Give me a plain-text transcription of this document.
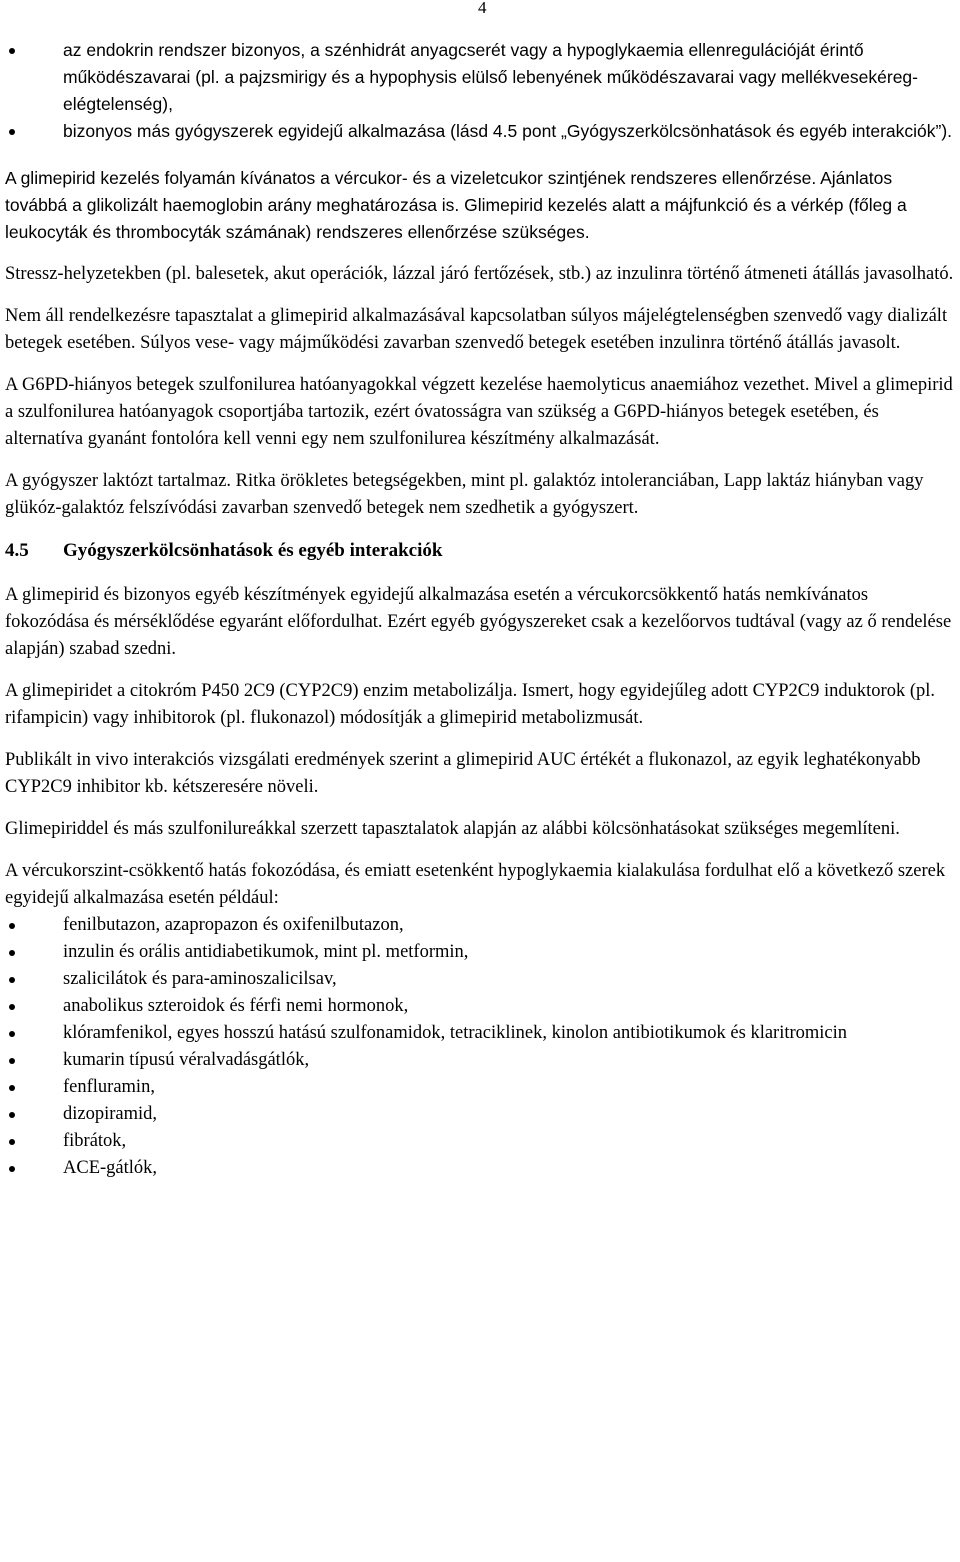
4
az endokrin rendszer bizonyos, a szénhidrát anyagcserét vagy a hypoglykaemia ellenregulációját érintő működészavarai (pl. a pajzsmirigy és a hypophysis elülső lebenyének működészavarai vagy mellékvesekéreg-elégtelenség),
bizonyos más gyógyszerek egyidejű alkalmazása (lásd 4.5 pont „Gyógyszerkölcsönhatások és egyéb interakciók”).

A glimepirid kezelés folyamán kívánatos a vércukor- és a vizeletcukor szintjének rendszeres ellenőrzése. Ajánlatos továbbá a glikolizált haemoglobin arány meghatározása is. Glimepirid kezelés alatt a májfunkció és a vérkép (főleg a leukocyták és thrombocyták számának) rendszeres ellenőrzése szükséges.

Stressz-helyzetekben (pl. balesetek, akut operációk, lázzal járó fertőzések, stb.) az inzulinra történő átmeneti átállás javasolható.

Nem áll rendelkezésre tapasztalat a glimepirid alkalmazásával kapcsolatban súlyos májelégtelenségben szenvedő vagy dializált betegek esetében. Súlyos vese- vagy májműködési zavarban szenvedő betegek esetében inzulinra történő átállás javasolt.

A G6PD-hiányos betegek szulfonilurea hatóanyagokkal végzett kezelése haemolyticus anaemiához vezethet. Mivel a glimepirid a szulfonilurea hatóanyagok csoportjába tartozik, ezért óvatosságra van szükség a G6PD-hiányos betegek esetében, és alternatíva gyanánt fontolóra kell venni egy nem szulfonilurea készítmény alkalmazását.

A gyógyszer laktózt tartalmaz. Ritka örökletes betegségekben, mint pl. galaktóz intoleranciában, Lapp laktáz hiányban vagy glükóz-galaktóz felszívódási zavarban szenvedő betegek nem szedhetik a gyógyszert.

4.5 Gyógyszerkölcsönhatások és egyéb interakciók

A glimepirid és bizonyos egyéb készítmények egyidejű alkalmazása esetén a vércukorcsökkentő hatás nemkívánatos fokozódása és mérséklődése egyaránt előfordulhat. Ezért egyéb gyógyszereket csak a kezelőorvos tudtával (vagy az ő rendelése alapján) szabad szedni.

A glimepiridet a citokróm P450 2C9 (CYP2C9) enzim metabolizálja. Ismert, hogy egyidejűleg adott CYP2C9 induktorok (pl. rifampicin) vagy inhibitorok (pl. flukonazol) módosítják a glimepirid metabolizmusát.

Publikált in vivo interakciós vizsgálati eredmények szerint a glimepirid AUC értékét a flukonazol, az egyik leghatékonyabb CYP2C9 inhibitor kb. kétszeresére növeli.

Glimepiriddel és más szulfonilureákkal szerzett tapasztalatok alapján az alábbi kölcsönhatásokat szükséges megemlíteni.

A vércukorszint-csökkentő hatás fokozódása, és emiatt esetenként hypoglykaemia kialakulása fordulhat elő a következő szerek egyidejű alkalmazása esetén például:

fenilbutazon, azapropazon és oxifenilbutazon,
inzulin és orális antidiabetikumok, mint pl. metformin,
szalicilátok és para-aminoszalicilsav,
anabolikus szteroidok és férfi nemi hormonok,
klóramfenikol, egyes hosszú hatású szulfonamidok, tetraciklinek, kinolon antibiotikumok és klaritromicin
kumarin típusú véralvadásgátlók,
fenfluramin,
dizopiramid,
fibrátok,
ACE-gátlók,
